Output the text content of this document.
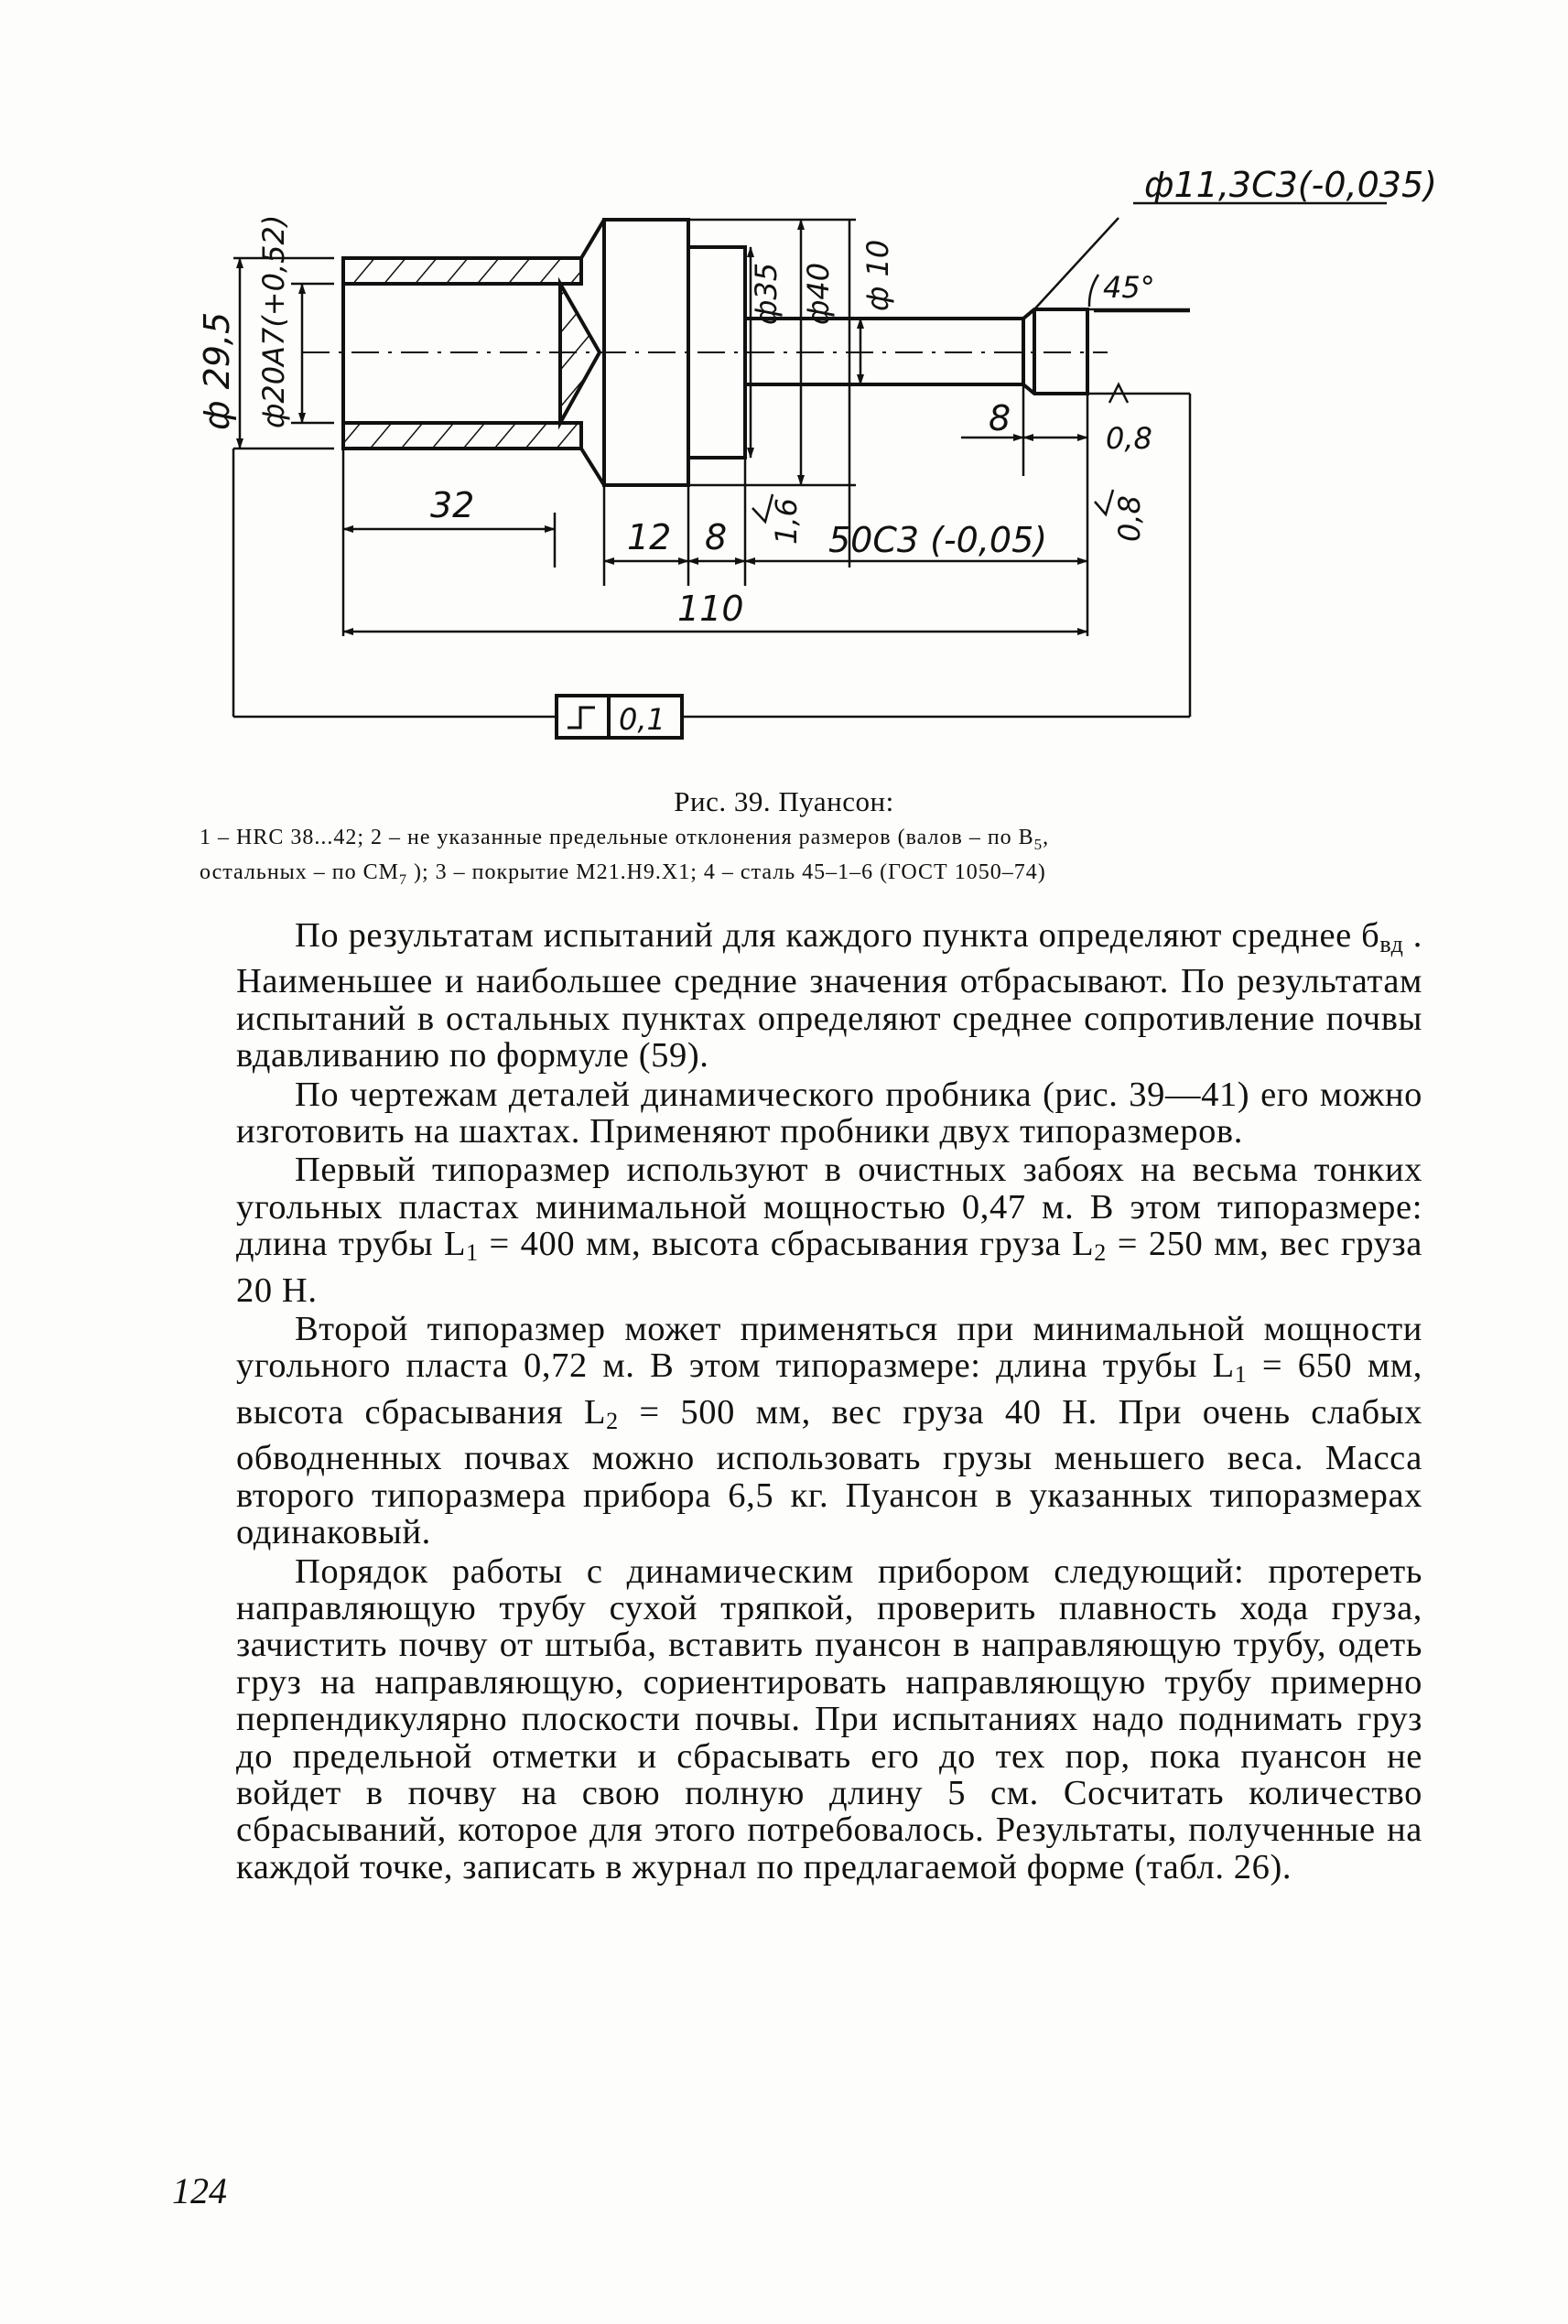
ф11,3С3(-0,035)
ф 29,5 ф20А7(+0,52)	ф35 ф40 ф 10	45°
8	0,8
32
12 8 1,6 50С3 (-0,05) 0,8
110
0,1
Рис. 39. Пуансон:
1 – HRC 38...42; 2 – не указанные предельные отклонения размеров (валов – по $В_5$,
остальных – по $СМ_7$ ); 3 – покрытие М21.Н9.Х1; 4 – сталь 45–1–6 (ГОСТ 1050–74)

По результатам испытаний для каждого пункта определяют среднее $б_{вд}$ . Наименьшее и наибольшее средние значения отбрасывают. По результатам испытаний в остальных пунктах определяют среднее сопротивление почвы вдавливанию по формуле (59).

По чертежам деталей динамического пробника (рис. 39—41) его можно изготовить на шахтах. Применяют пробники двух типоразмеров.

Первый типоразмер используют в очистных забоях на весьма тонких угольных пластах минимальной мощностью 0,47 м. В этом типоразмере: длина трубы $L_1 = 400$ мм, высота сбрасывания груза $L_2 = 250$ мм, вес груза 20 Н.

Второй типоразмер может применяться при минимальной мощности угольного пласта 0,72 м. В этом типоразмере: длина трубы $L_1 = 650$ мм, высота сбрасывания $L_2 = 500$ мм, вес груза 40 Н. При очень слабых обводненных почвах можно использовать грузы меньшего веса. Масса второго типоразмера прибора 6,5 кг. Пуансон в указанных типоразмерах одинаковый.

Порядок работы с динамическим прибором следующий: протереть направляющую трубу сухой тряпкой, проверить плавность хода груза, зачистить почву от штыба, вставить пуансон в направляющую трубу, одеть груз на направляющую, сориентировать направляющую трубу примерно перпендикулярно плоскости почвы. При испытаниях надо поднимать груз до предельной отметки и сбрасывать его до тех пор, пока пуансон не войдет в почву на свою полную длину 5 см. Сосчитать количество сбрасываний, которое для этого потребовалось. Результаты, полученные на каждой точке, записать в журнал по предлагаемой форме (табл. 26).

124
